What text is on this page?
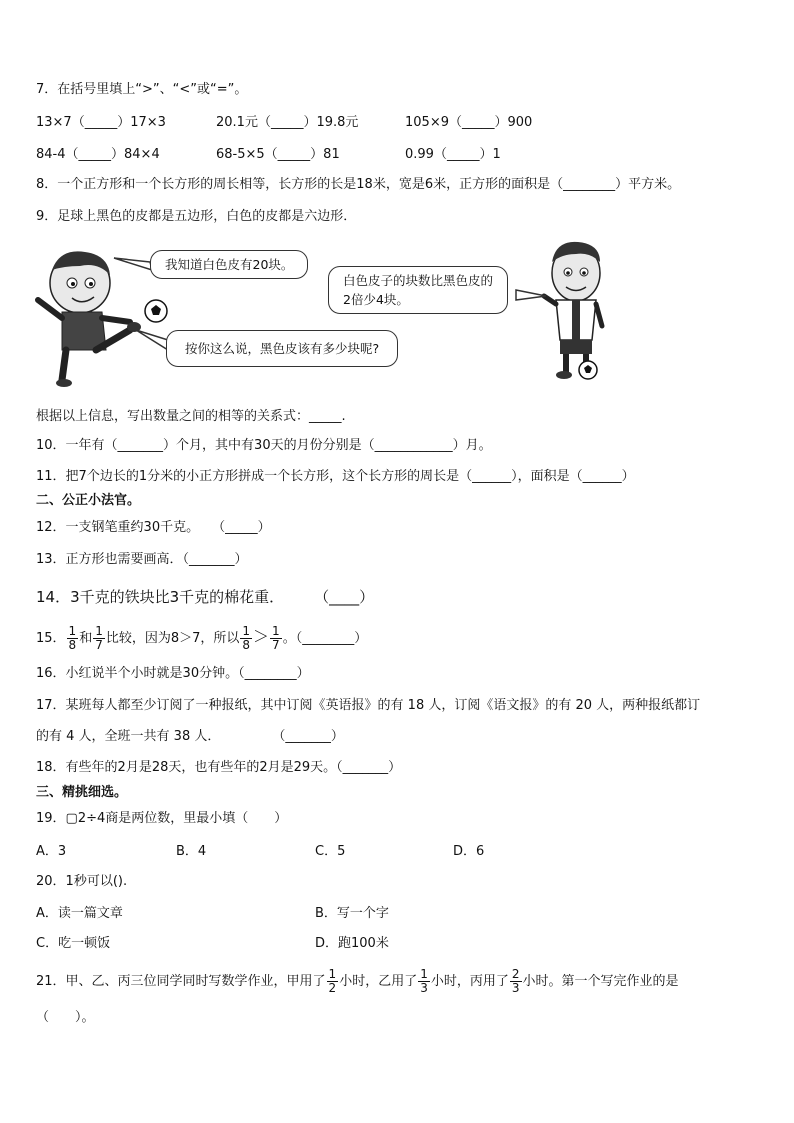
7．在括号里填上“>”、“<”或“=”。
13×7（_____）17×3	20.1元（_____）19.8元	105×9（_____）900
84-4（_____）84×4	68-5×5（_____）81	0.99（_____）1
8．一个正方形和一个长方形的周长相等，长方形的长是18米，宽是6米，正方形的面积是（________）平方米。
9．足球上黑色的皮都是五边形，白色的皮都是六边形．
我知道白色皮有20块。
白色皮子的块数比黑色皮的
2倍少4块。
按你这么说，黑色皮该有多少块呢?
根据以上信息，写出数量之间的相等的关系式：_____.
10．一年有（_______）个月，其中有30天的月份分别是（____________）月。
11．把7个边长的1分米的小正方形拼成一个长方形，这个长方形的周长是（______），面积是（______）
二、公正小法官。
12．一支钢笔重约30千克。　　（_____）
13．正方形也需要画高．（_______）
14．3千克的铁块比3千克的棉花重．　　　（____）
15． $\frac{1}{8}$ 和 $\frac{1}{7}$ 比较，因为8＞7，所以 $\frac{1}{8} > \frac{1}{7}$ 。（________）
16．小红说半个小时就是30分钟。（________）
17．某班每人都至少订阅了一种报纸，其中订阅《英语报》的有 18 人，订阅《语文报》的有 20 人，两种报纸都订
的有 4 人，全班一共有 38 人．　　　　　（_______）
18．有些年的2月是28天，也有些年的2月是29天。（_______）
三、精挑细选。
19．▢2÷4商是两位数，里最小填（　　）
A．3	B．4	C．5	D．6
20．1秒可以().
A．读一篇文章	B．写一个字
C．吃一顿饭	D．跑100米
21．甲、乙、丙三位同学同时写数学作业，甲用了 $\frac{1}{2}$ 小时，乙用了 $\frac{1}{3}$ 小时，丙用了 $\frac{2}{3}$ 小时。第一个写完作业的是
（　　）。
